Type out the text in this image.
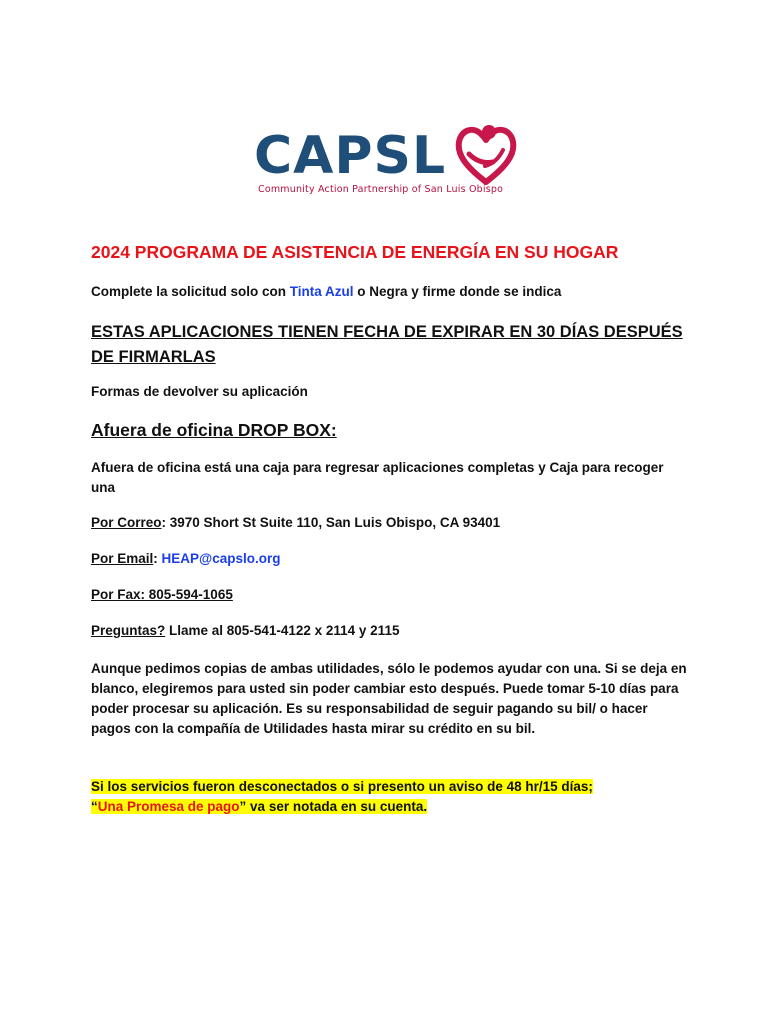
CAPSL
Community Action Partnership of San Luis Obispo
2024 PROGRAMA DE ASISTENCIA DE ENERGÍA EN SU HOGAR

Complete la solicitud solo con Tinta Azul o Negra y firme donde se indica

ESTAS APLICACIONES TIENEN FECHA DE EXPIRAR EN 30 DÍAS DESPUÉS DE FIRMARLAS

Formas de devolver su aplicación

Afuera de oficina DROP BOX:

Afuera de oficina está una caja para regresar aplicaciones completas y Caja para recoger una

Por Correo: 3970 Short St Suite 110, San Luis Obispo, CA 93401

Por Email: HEAP@capslo.org

Por Fax: 805-594-1065

Preguntas? Llame al 805-541-4122 x 2114 y 2115

Aunque pedimos copias de ambas utilidades, sólo le podemos ayudar con una. Si se deja en blanco, elegiremos para usted sin poder cambiar esto después. Puede tomar 5-10 días para poder procesar su aplicación. Es su responsabilidad de seguir pagando su bil/ o hacer pagos con la compañía de Utilidades hasta mirar su crédito en su bil.

Si los servicios fueron desconectados o si presento un aviso de 48 hr/15 días;
“Una Promesa de pago” va ser notada en su cuenta.
